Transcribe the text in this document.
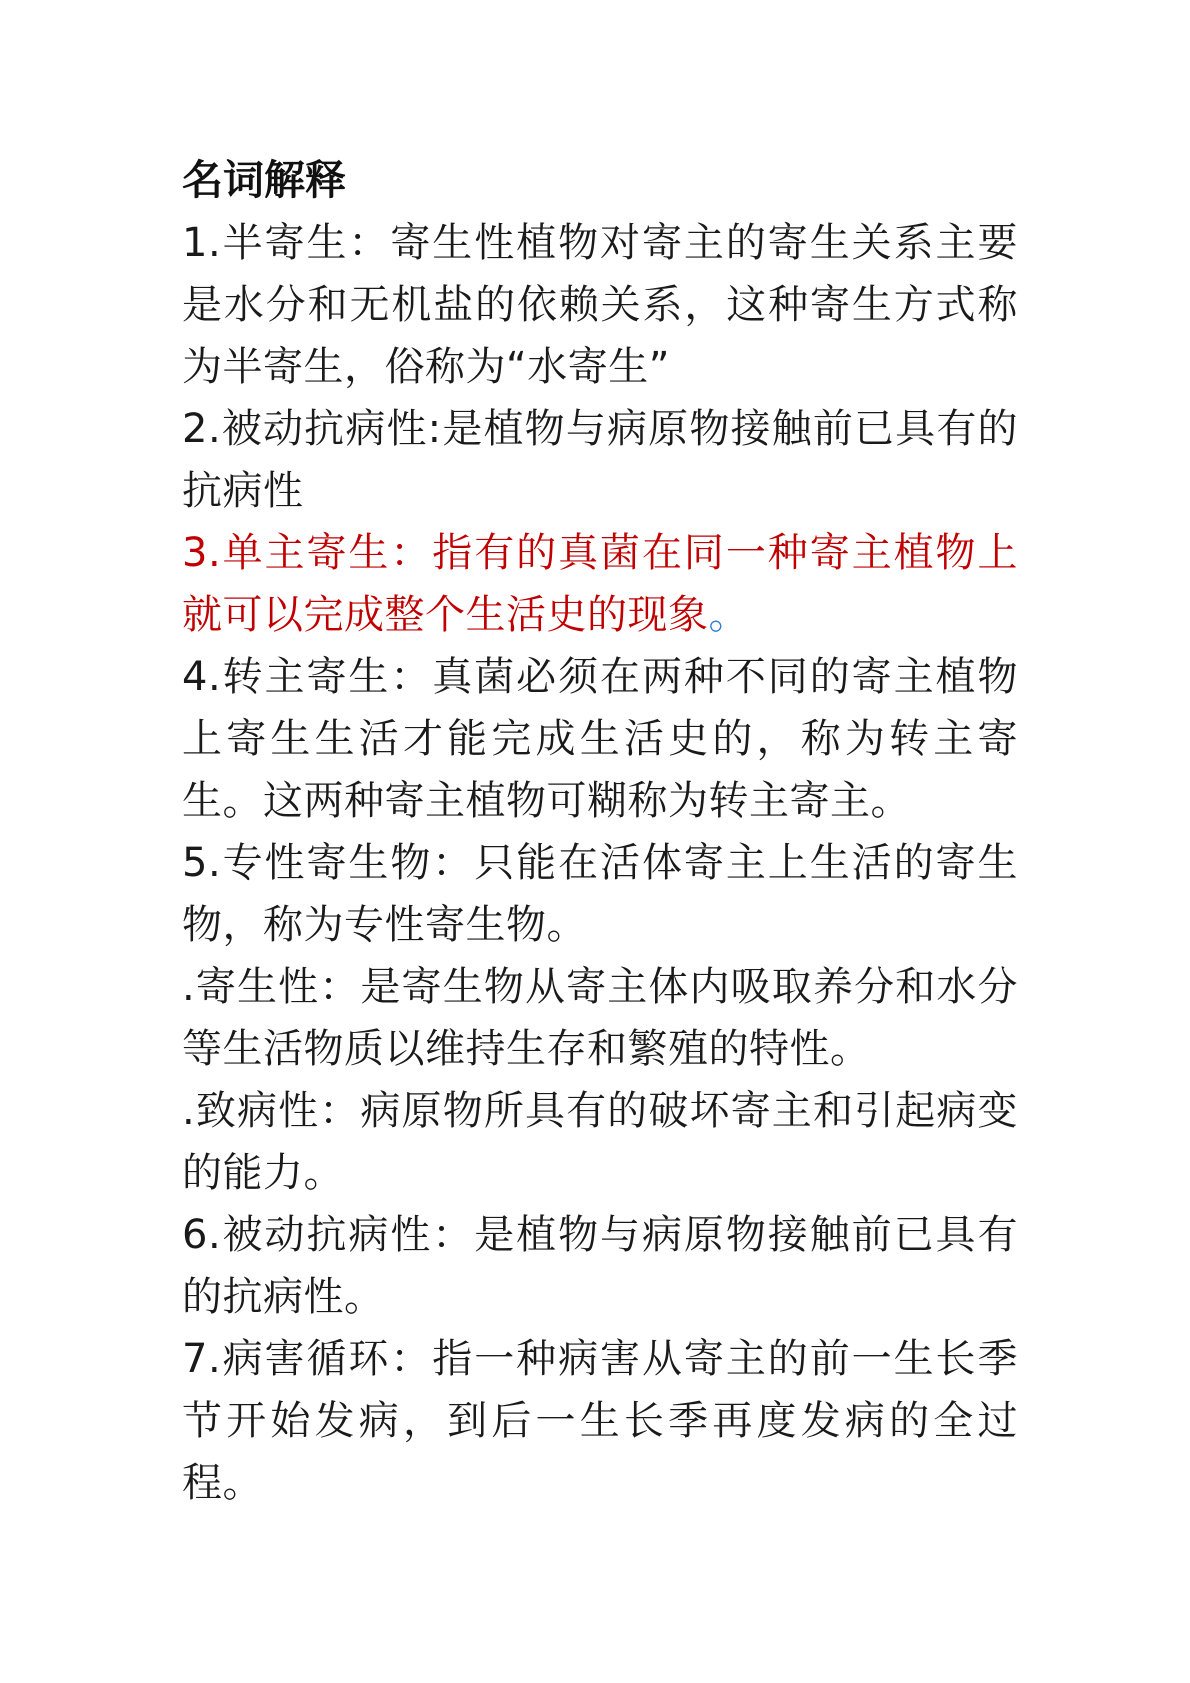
名词解释

1.半寄生：寄生性植物对寄主的寄生关系主要是水分和无机盐的依赖关系，这种寄生方式称为半寄生，俗称为“水寄生”

2.被动抗病性:是植物与病原物接触前已具有的抗病性

3.单主寄生：指有的真菌在同一种寄主植物上就可以完成整个生活史的现象。

4.转主寄生：真菌必须在两种不同的寄主植物上寄生生活才能完成生活史的，称为转主寄生。这两种寄主植物可糊称为转主寄主。

5.专性寄生物：只能在活体寄主上生活的寄生物，称为专性寄生物。

.寄生性：是寄生物从寄主体内吸取养分和水分等生活物质以维持生存和繁殖的特性。

.致病性：病原物所具有的破坏寄主和引起病变的能力。

6.被动抗病性：是植物与病原物接触前已具有的抗病性。

7.病害循环：指一种病害从寄主的前一生长季节开始发病，到后一生长季再度发病的全过程。
